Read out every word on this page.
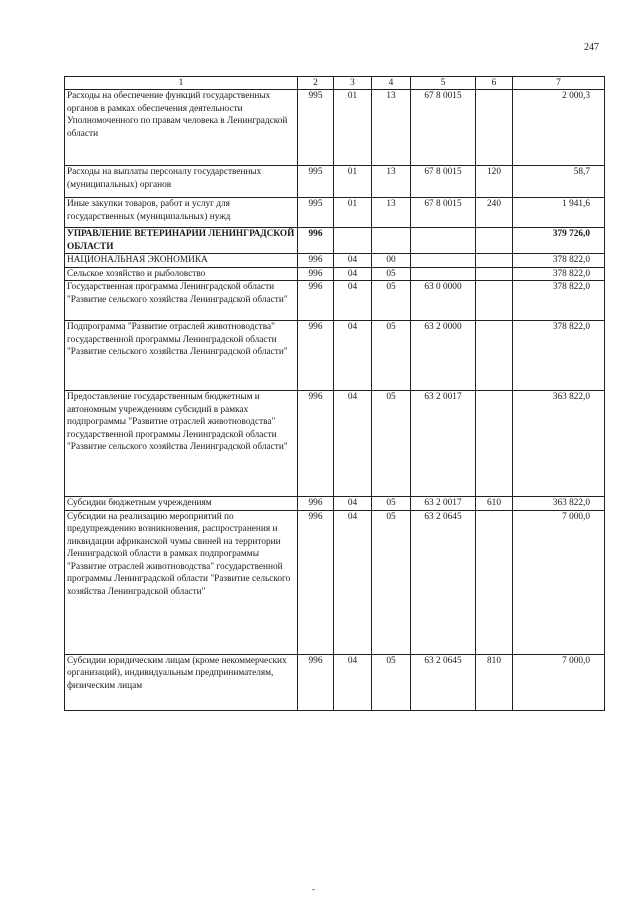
247
1	2	3	4	5	6	7
Расходы на обеспечение функций государственных органов в рамках обеспечения деятельности Уполномоченного по правам человека в Ленинградской области	995	01	13	67 8 0015		2 000,3
Расходы на выплаты персоналу государственных (муниципальных) органов	995	01	13	67 8 0015	120	58,7
Иные закупки товаров, работ и услуг для государственных (муниципальных) нужд	995	01	13	67 8 0015	240	1 941,6
УПРАВЛЕНИЕ ВЕТЕРИНАРИИ ЛЕНИНГРАДСКОЙ ОБЛАСТИ	996					379 726,0
НАЦИОНАЛЬНАЯ ЭКОНОМИКА	996	04	00			378 822,0
Сельское хозяйство и рыболовство	996	04	05			378 822,0
Государственная программа Ленинградской области "Развитие сельского хозяйства Ленинградской области"	996	04	05	63 0 0000		378 822,0
Подпрограмма "Развитие отраслей животноводства" государственной программы Ленинградской области "Развитие сельского хозяйства Ленинградской области"	996	04	05	63 2 0000		378 822,0
Предоставление государственным бюджетным и автономным учреждениям субсидий в рамках подпрограммы "Развитие отраслей животноводства" государственной программы Ленинградской области "Развитие сельского хозяйства Ленинградской области"	996	04	05	63 2 0017		363 822,0
Субсидии бюджетным учреждениям	996	04	05	63 2 0017	610	363 822,0
Субсидии на реализацию мероприятий по предупреждению возникновения, распространения и ликвидации африканской чумы свиней на территории Ленинградской области в рамках подпрограммы "Развитие отраслей животноводства" государственной программы Ленинградской области "Развитие сельского хозяйства Ленинградской области"	996	04	05	63 2 0645		7 000,0
Субсидии юридическим лицам (кроме некоммерческих организаций), индивидуальным предпринимателям, физическим лицам	996	04	05	63 2 0645	810	7 000,0
-
